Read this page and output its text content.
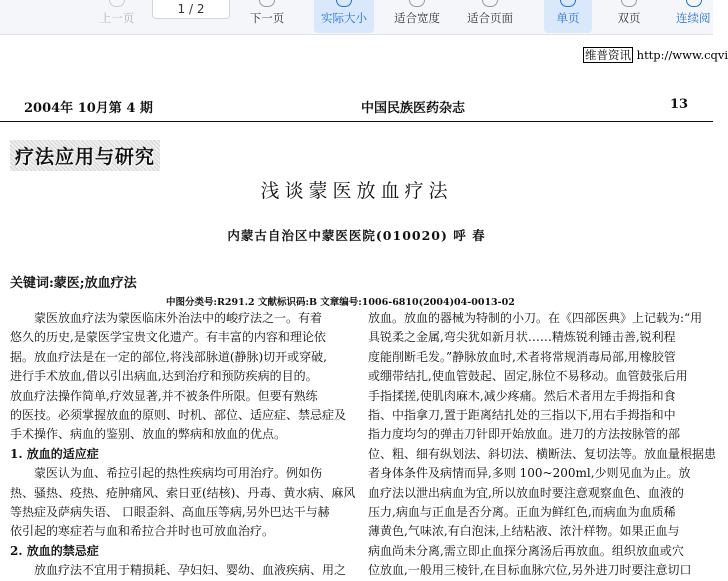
上一页
1 / 2
下一页	实际大小 适合宽度 适合页面	单页	双页	连续阅
维普资讯 http://www.cqvi
2004年 10月第 4 期	中国民族医药杂志	13
疗法应用与研究
浅谈蒙医放血疗法
内蒙古自治区中蒙医医院(010020) 呼 春
关键词:蒙医;放血疗法
中图分类号:R291.2 文献标识码:B 文章编号:1006-6810(2004)04-0013-02
蒙医放血疗法为蒙医临床外治法中的峻疗法之一。有着
悠久的历史,是蒙医学宝贵文化遗产。有丰富的内容和理论依
据。放血疗法是在一定的部位,将浅部脉道(静脉)切开或穿破,
进行手术放血,借以引出病血,达到治疗和预防疾病的目的。
放血疗法操作简单,疗效显著,并不被条件所限。但要有熟练
的医技。必须掌握放血的原则、时机、部位、适应症、禁忌症及
手术操作、病血的鉴别、放血的弊病和放血的优点。
1. 放血的适应症
蒙医认为血、希拉引起的热性疾病均可用治疗。例如伤
热、骚热、疫热、疮肿痛风、索日亚(结核)、丹毒、黄水病、麻风
等热症及萨病失语、 口眼歪斜、高血压等病,另外巴达干与赫
依引起的寒症若与血和希拉合并时也可放血治疗。
2. 放血的禁忌症
放血疗法不宜用于精损耗、孕妇妇、婴幼、血液疾病、用之
放血。放血的器械为特制的小刀。在《四部医典》上记载为:“用
具锐柔之金属,弯尖犹如新月状……精炼锐利锤击善,锐利程
度能削断毛发。”静脉放血时,术者将常规消毒局部,用橡胶管
或绷带结扎,使血管鼓起、固定,脉位不易移动。血管鼓张后用
手指揉搓,使肌肉麻木,减少疼痛。然后术者用左手拇指和食
指、中指拿刀,置于距离结扎处的三指以下,用右手拇指和中
指力度均匀的弹击刀针即开始放血。进刀的方法按脉管的部
位、粗、细有纵划法、斜切法、横断法、复切法等。放血量根据患
者身体条件及病情而异,多则 100~200ml,少则见血为止。放
血疗法以泄出病血为宜,所以放血时要注意观察血色、血液的
压力,病血与正血是否分离。正血为鲜红色,而病血为血质稀
薄黄色,气味浓,有白泡沫,上结粘液、浓汁样物。如果正血与
病血尚未分离,需立即止血探分离汤后再放血。组织放血或穴
位放血,一般用三棱针,在目标血脉穴位,另外进刀时要注意切口
